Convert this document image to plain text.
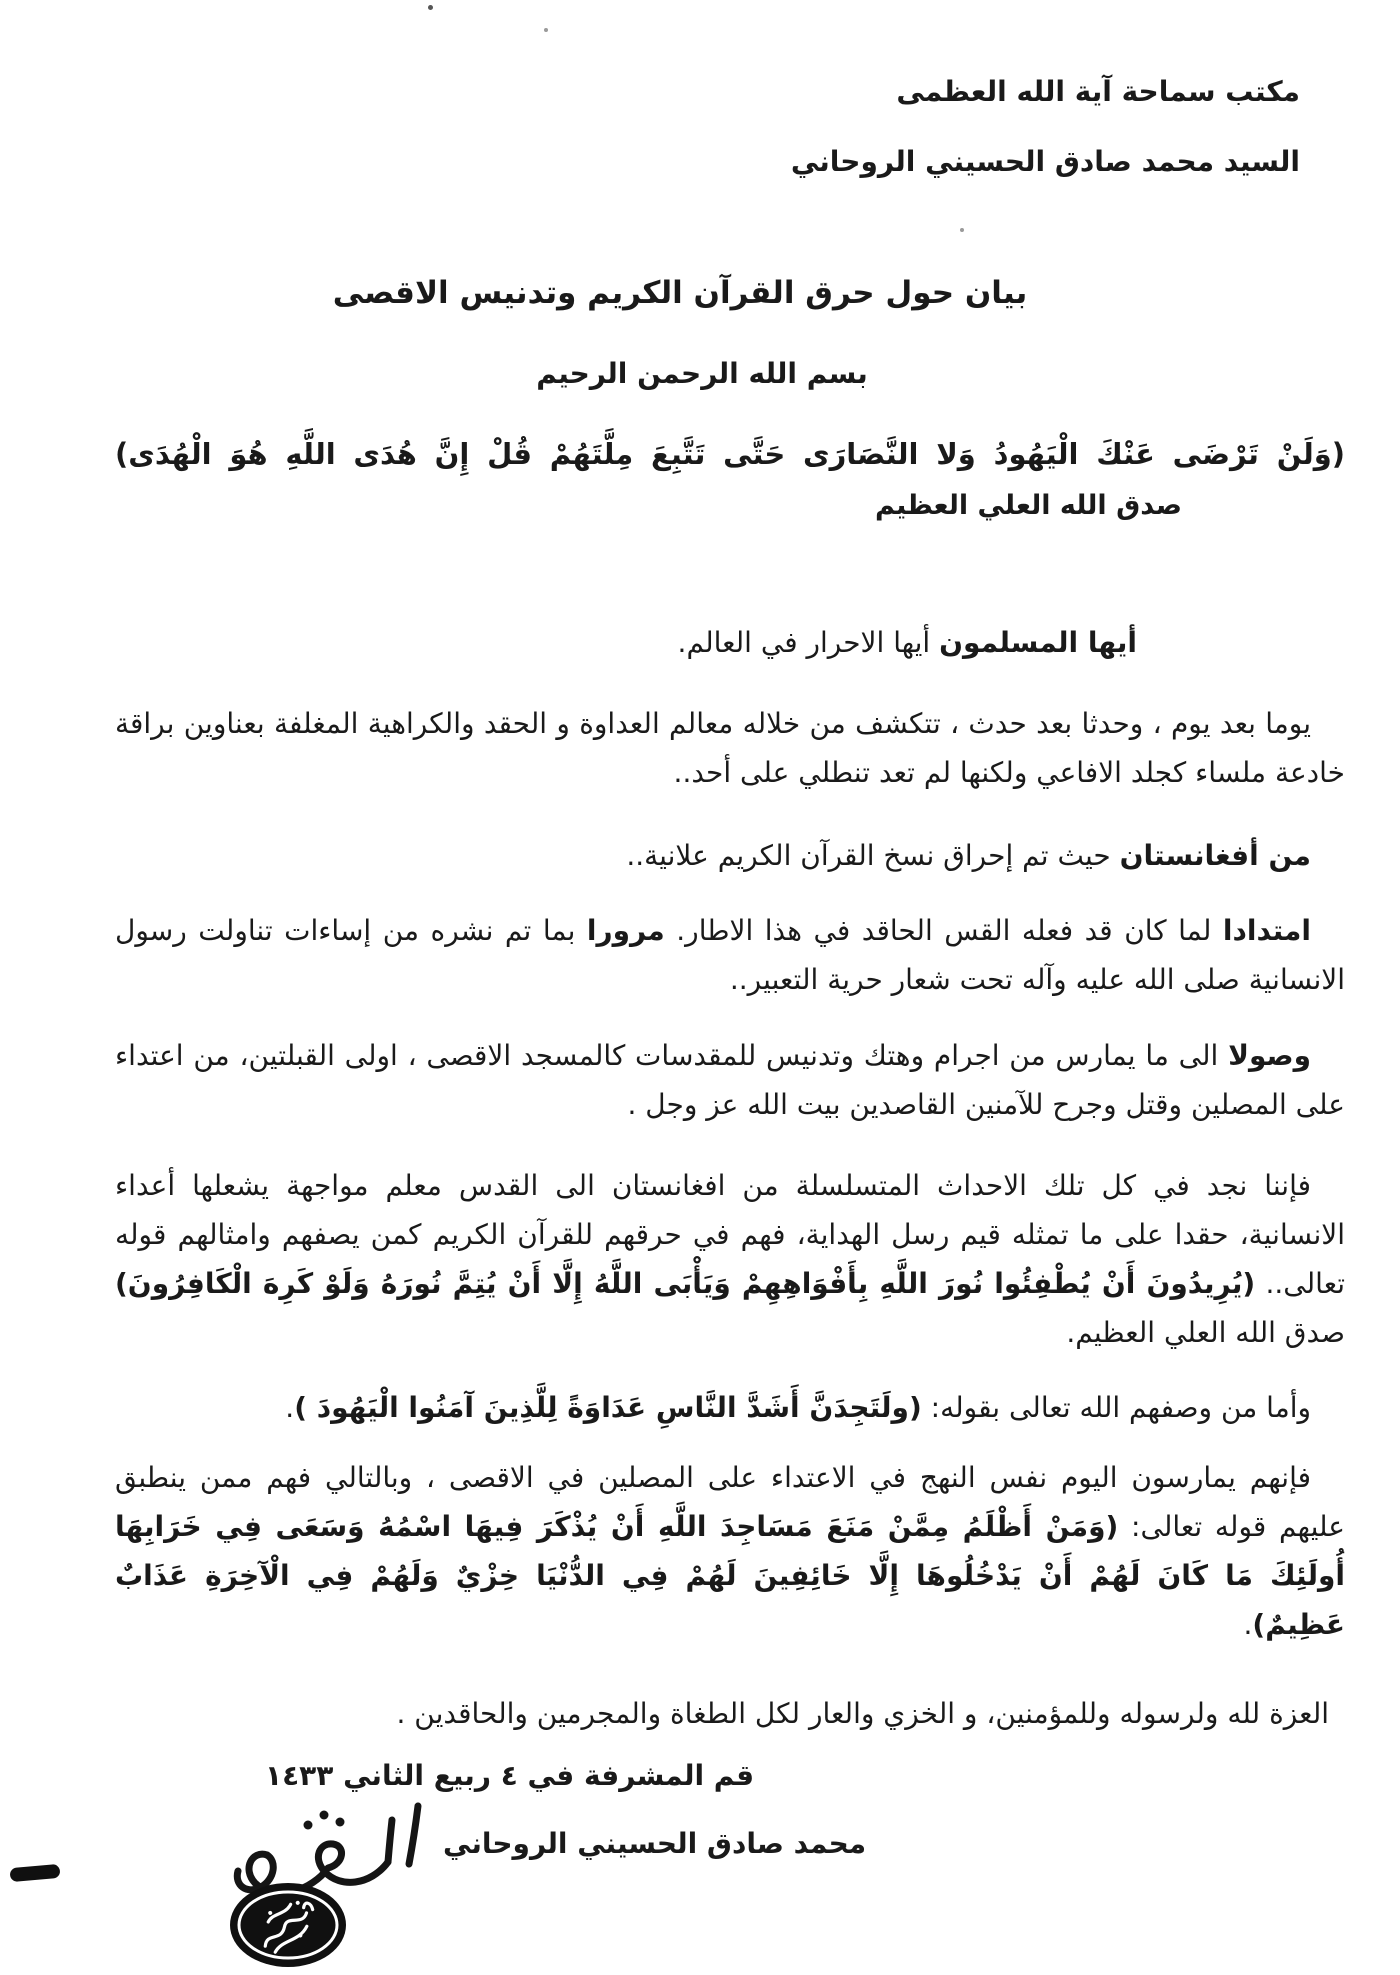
مكتب سماحة آية الله العظمى
السيد محمد صادق الحسيني الروحاني
بيان حول حرق القرآن الكريم وتدنيس الاقصى
بسم الله الرحمن الرحيم
(وَلَنْ تَرْضَى عَنْكَ الْيَهُودُ وَلا النَّصَارَى حَتَّى تَتَّبِعَ مِلَّتَهُمْ قُلْ إِنَّ هُدَى اللَّهِ هُوَ الْهُدَى)
صدق الله العلي العظيم

أيها المسلمون أيها الاحرار في العالم.

يوما بعد يوم ، وحدثا بعد حدث ، تتكشف من خلاله معالم العداوة و الحقد والكراهية المغلفة بعناوين براقة خادعة ملساء كجلد الافاعي ولكنها لم تعد تنطلي على أحد..

من أفغانستان حيث تم إحراق نسخ القرآن الكريم علانية..

امتدادا لما كان قد فعله القس الحاقد في هذا الاطار. مرورا بما تم نشره من إساءات تناولت رسول الانسانية صلى الله عليه وآله تحت شعار حرية التعبير..

وصولا الى ما يمارس من اجرام وهتك وتدنيس للمقدسات كالمسجد الاقصى ، اولى القبلتين، من اعتداء على المصلين وقتل وجرح للآمنين القاصدين بيت الله عز وجل .

فإننا نجد في كل تلك الاحداث المتسلسلة من افغانستان الى القدس معلم مواجهة يشعلها أعداء الانسانية، حقدا على ما تمثله قيم رسل الهداية، فهم في حرقهم للقرآن الكريم كمن يصفهم وامثالهم قوله تعالى.. (يُرِيدُونَ أَنْ يُطْفِئُوا نُورَ اللَّهِ بِأَفْوَاهِهِمْ وَيَأْبَى اللَّهُ إِلَّا أَنْ يُتِمَّ نُورَهُ وَلَوْ كَرِهَ الْكَافِرُونَ) صدق الله العلي العظيم.

وأما من وصفهم الله تعالى بقوله: (ولَتَجِدَنَّ أَشَدَّ النَّاسِ عَدَاوَةً لِلَّذِينَ آمَنُوا الْيَهُودَ ).

فإنهم يمارسون اليوم نفس النهج في الاعتداء على المصلين في الاقصى ، وبالتالي فهم ممن ينطبق عليهم قوله تعالى: (وَمَنْ أَظْلَمُ مِمَّنْ مَنَعَ مَسَاجِدَ اللَّهِ أَنْ يُذْكَرَ فِيهَا اسْمُهُ وَسَعَى فِي خَرَابِهَا أُولَئِكَ مَا كَانَ لَهُمْ أَنْ يَدْخُلُوهَا إِلَّا خَائِفِينَ لَهُمْ فِي الدُّنْيَا خِزْيٌ وَلَهُمْ فِي الْآخِرَةِ عَذَابٌ عَظِيمٌ).

العزة لله ولرسوله وللمؤمنين، و الخزي والعار لكل الطغاة والمجرمين والحاقدين .

قم المشرفة في ٤ ربيع الثاني ١٤٣٣
محمد صادق الحسيني الروحاني
